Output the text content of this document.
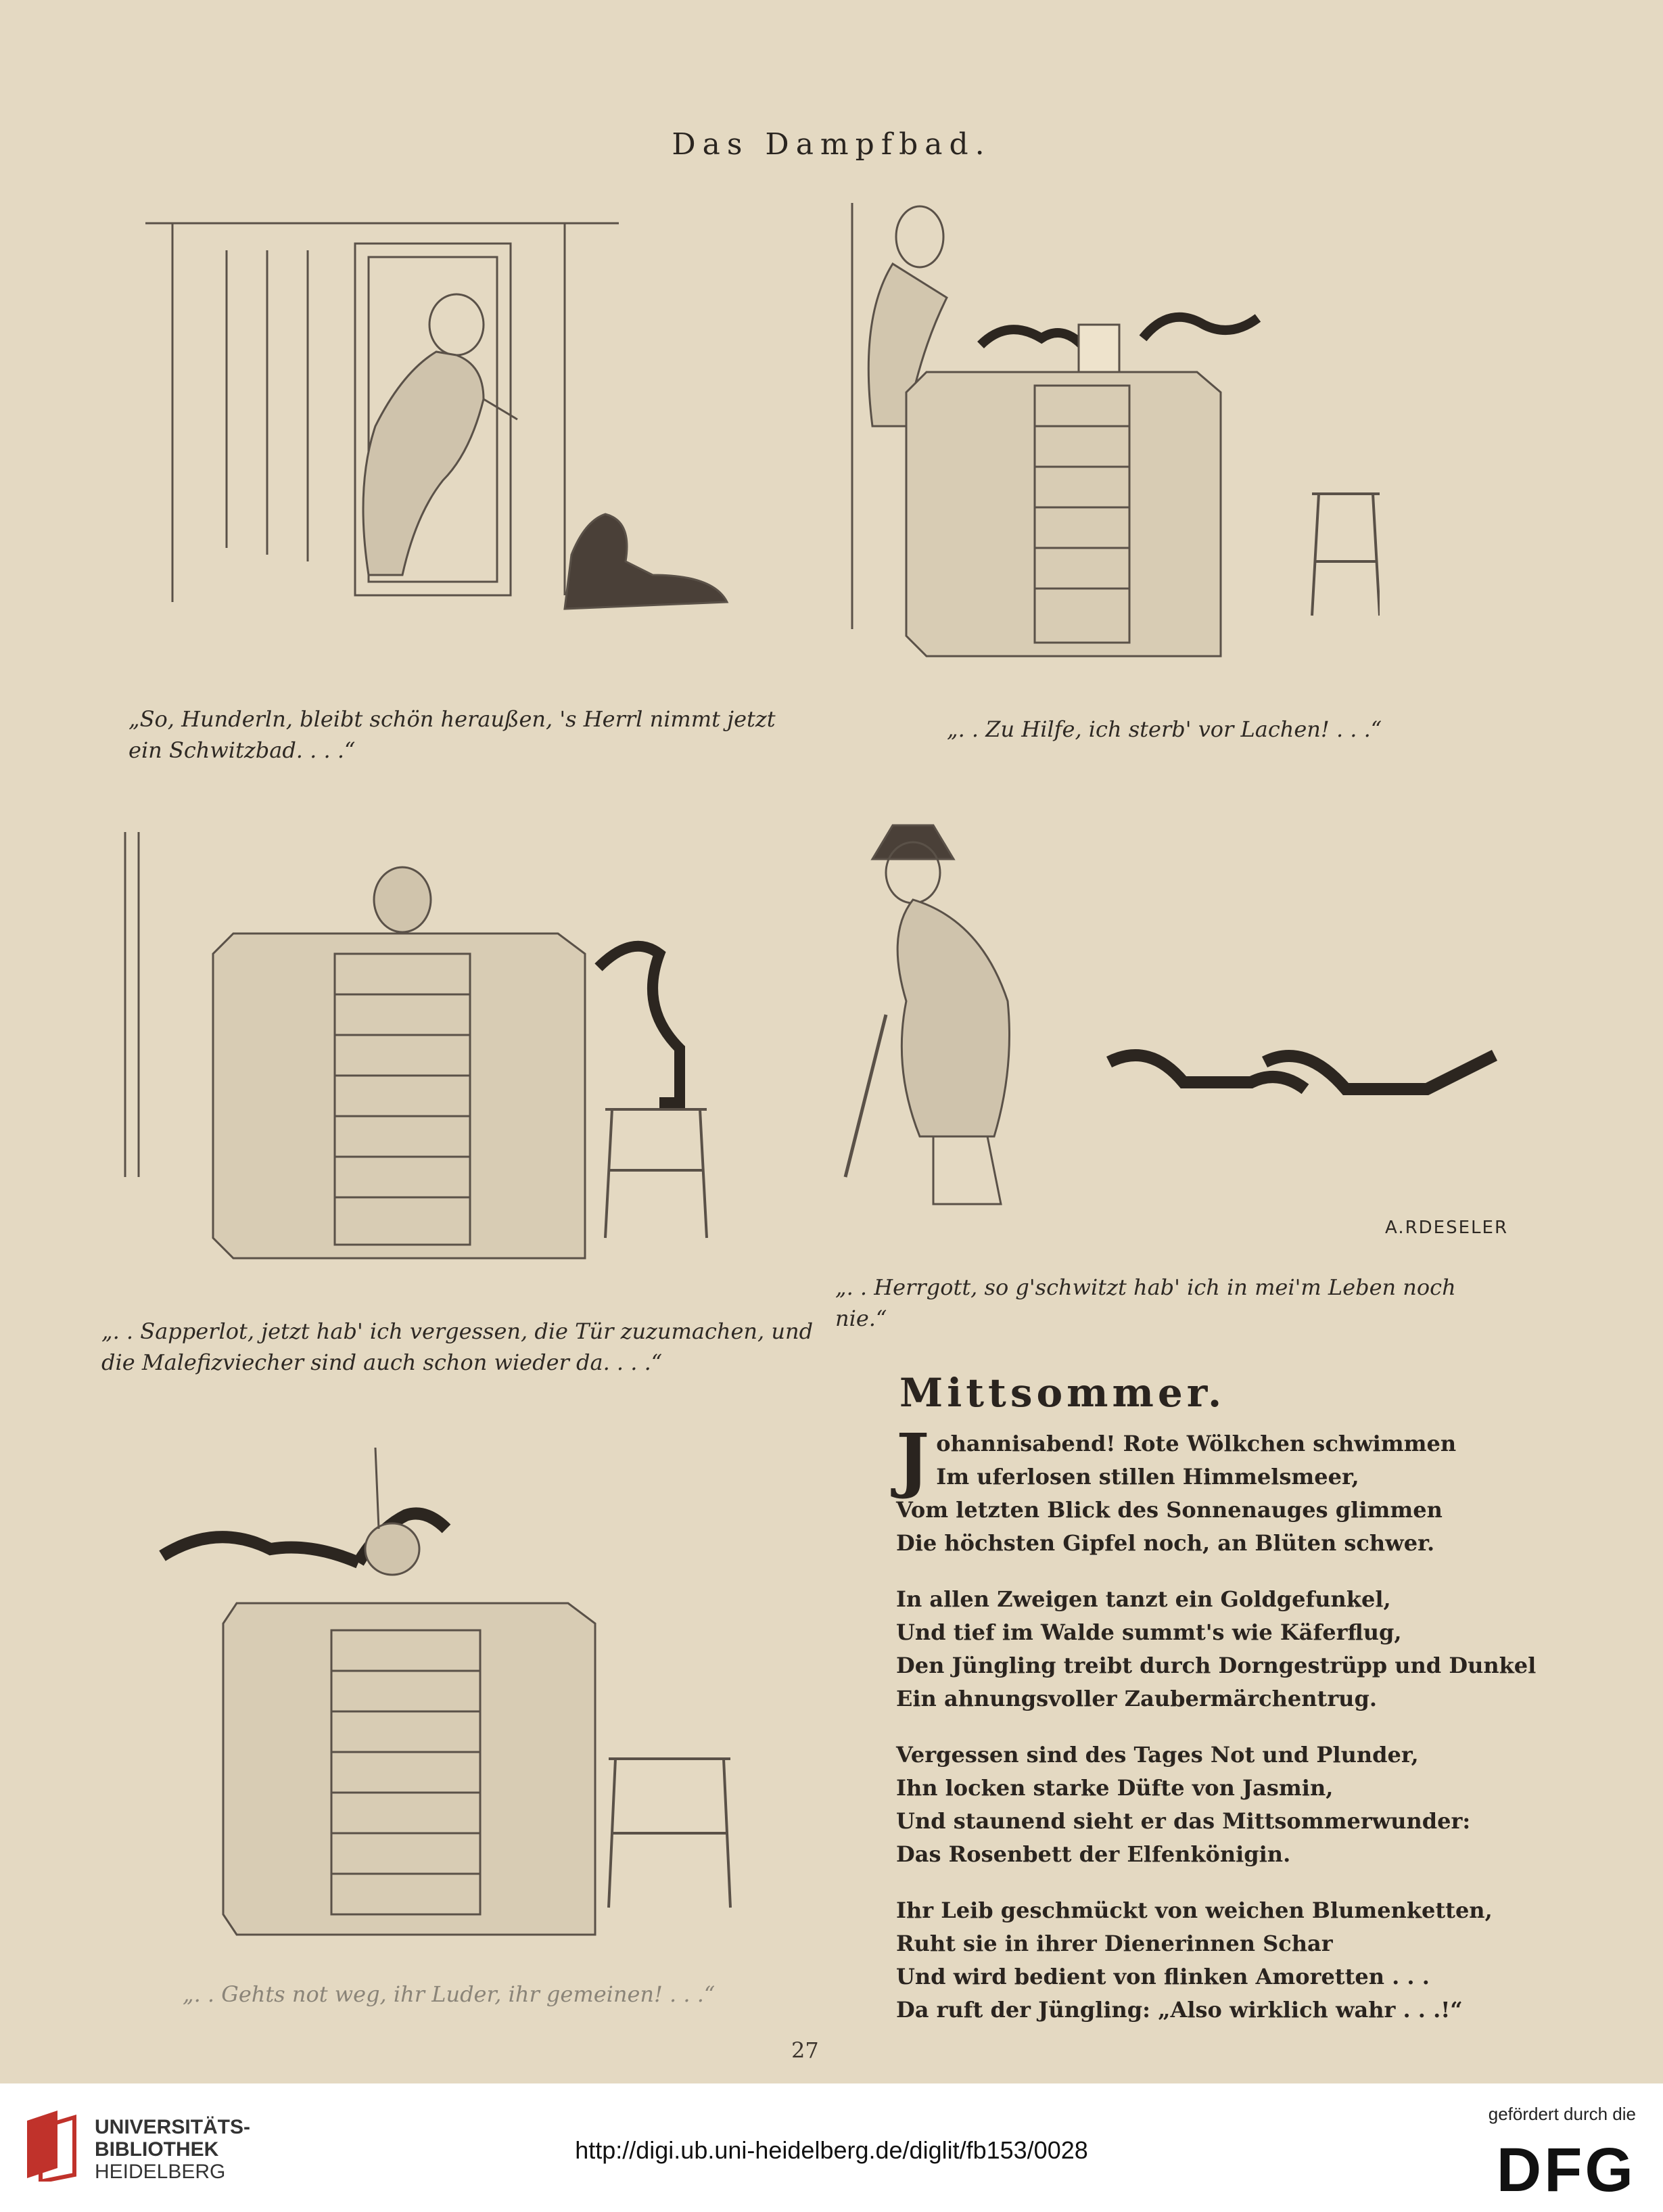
Das Dampfbad.
„So, Hunderln, bleibt schön heraußen, 's Herrl nimmt jetzt ein Schwitzbad. . . .“
„. . Zu Hilfe, ich sterb' vor Lachen! . . .“
„. . Sapperlot, jetzt hab' ich vergessen, die Tür zuzumachen, und die Malefizviecher sind auch schon wieder da. . . .“
A.RDESELER
„. . Herrgott, so g'schwitzt hab' ich in mei'm Leben noch nie.“
„. . Gehts not weg, ihr Luder, ihr gemeinen! . . .“
Mittsommer.
J ohannisabend! Rote Wölkchen schwimmen
Im uferlosen stillen Himmelsmeer,
Vom letzten Blick des Sonnenauges glimmen
Die höchsten Gipfel noch, an Blüten schwer.
In allen Zweigen tanzt ein Goldgefunkel,
Und tief im Walde summt's wie Käferflug,
Den Jüngling treibt durch Dorngestrüpp und Dunkel
Ein ahnungsvoller Zaubermärchentrug.
Vergessen sind des Tages Not und Plunder,
Ihn locken starke Düfte von Jasmin,
Und staunend sieht er das Mittsommerwunder:
Das Rosenbett der Elfenkönigin.
Ihr Leib geschmückt von weichen Blumenketten,
Ruht sie in ihrer Dienerinnen Schar
Und wird bedient von flinken Amoretten . . .
Da ruft der Jüngling: „Also wirklich wahr . . .!“
27
UNIVERSITÄTS-
BIBLIOTHEK
HEIDELBERG
http://digi.ub.uni-heidelberg.de/diglit/fb153/0028
gefördert durch die
DFG
